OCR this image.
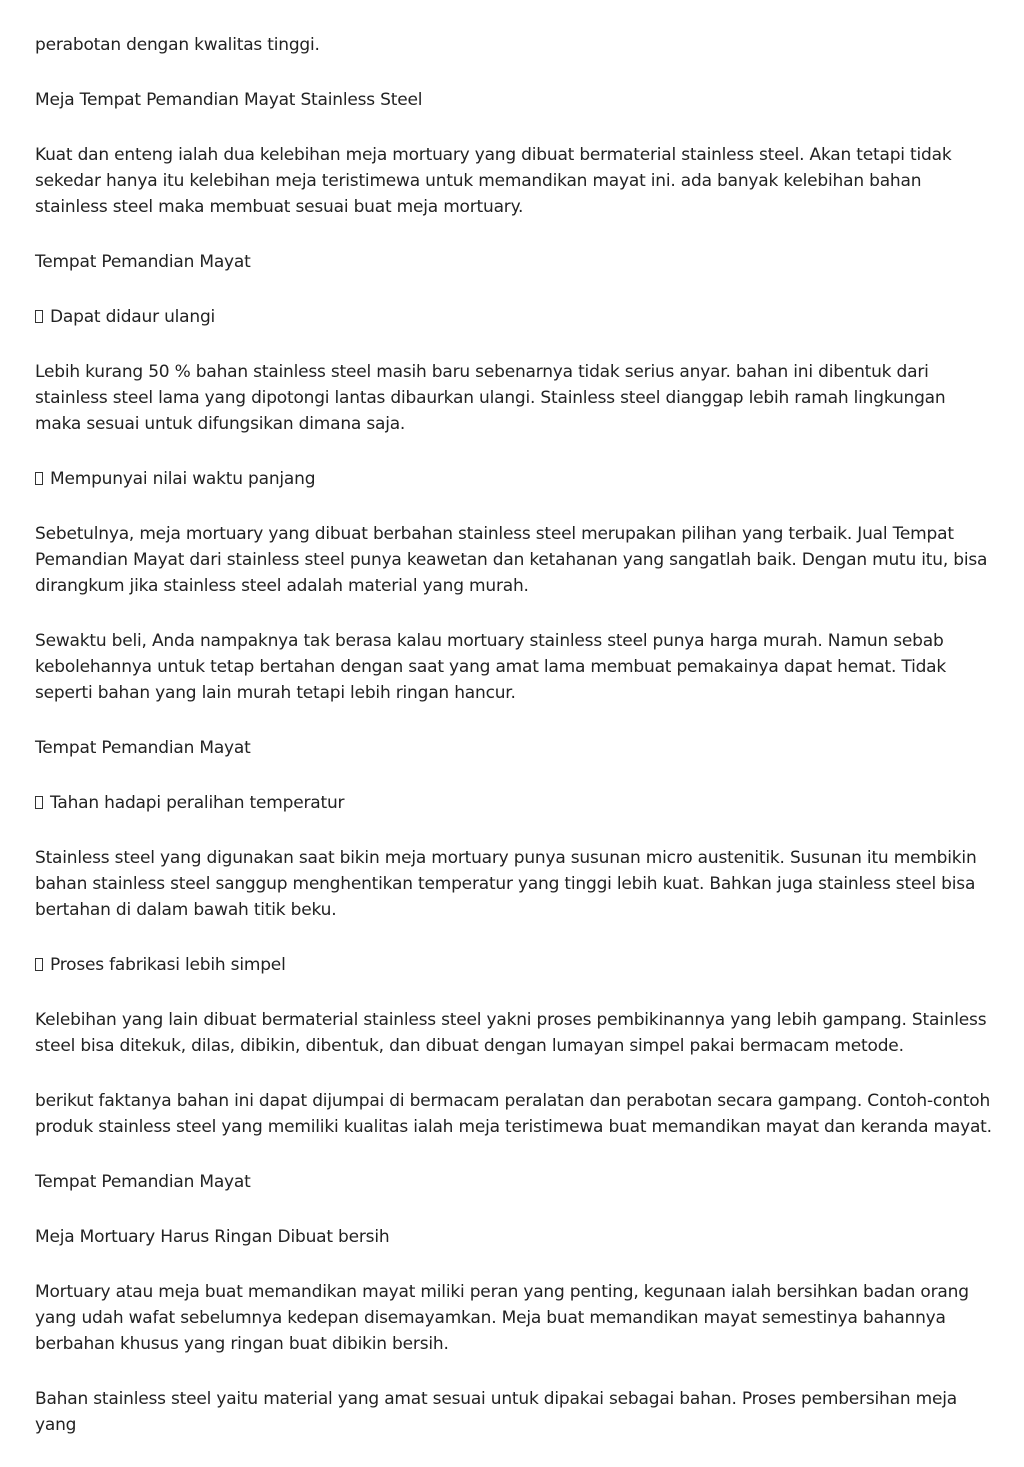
perabotan dengan kwalitas tinggi.

Meja Tempat Pemandian Mayat Stainless Steel

Kuat dan enteng ialah dua kelebihan meja mortuary yang dibuat bermaterial stainless steel. Akan tetapi tidak sekedar hanya itu kelebihan meja teristimewa untuk memandikan mayat ini. ada banyak kelebihan bahan stainless steel maka membuat sesuai buat meja mortuary.

Tempat Pemandian Mayat

Dapat didaur ulangi

Lebih kurang 50 % bahan stainless steel masih baru sebenarnya tidak serius anyar. bahan ini dibentuk dari stainless steel lama yang dipotongi lantas dibaurkan ulangi. Stainless steel dianggap lebih ramah lingkungan maka sesuai untuk difungsikan dimana saja.

Mempunyai nilai waktu panjang

Sebetulnya, meja mortuary yang dibuat berbahan stainless steel merupakan pilihan yang terbaik. Jual Tempat Pemandian Mayat dari stainless steel punya keawetan dan ketahanan yang sangatlah baik. Dengan mutu itu, bisa dirangkum jika stainless steel adalah material yang murah.

Sewaktu beli, Anda nampaknya tak berasa kalau mortuary stainless steel punya harga murah. Namun sebab kebolehannya untuk tetap bertahan dengan saat yang amat lama membuat pemakainya dapat hemat. Tidak seperti bahan yang lain murah tetapi lebih ringan hancur.

Tempat Pemandian Mayat

Tahan hadapi peralihan temperatur

Stainless steel yang digunakan saat bikin meja mortuary punya susunan micro austenitik. Susunan itu membikin bahan stainless steel sanggup menghentikan temperatur yang tinggi lebih kuat. Bahkan juga stainless steel bisa bertahan di dalam bawah titik beku.

Proses fabrikasi lebih simpel

Kelebihan yang lain dibuat bermaterial stainless steel yakni proses pembikinannya yang lebih gampang. Stainless steel bisa ditekuk, dilas, dibikin, dibentuk, dan dibuat dengan lumayan simpel pakai bermacam metode.

berikut faktanya bahan ini dapat dijumpai di bermacam peralatan dan perabotan secara gampang. Contoh-contoh produk stainless steel yang memiliki kualitas ialah meja teristimewa buat memandikan mayat dan keranda mayat.

Tempat Pemandian Mayat

Meja Mortuary Harus Ringan Dibuat bersih

Mortuary atau meja buat memandikan mayat miliki peran yang penting, kegunaan ialah bersihkan badan orang yang udah wafat sebelumnya kedepan disemayamkan. Meja buat memandikan mayat semestinya bahannya berbahan khusus yang ringan buat dibikin bersih.

Bahan stainless steel yaitu material yang amat sesuai untuk dipakai sebagai bahan. Proses pembersihan meja yang
